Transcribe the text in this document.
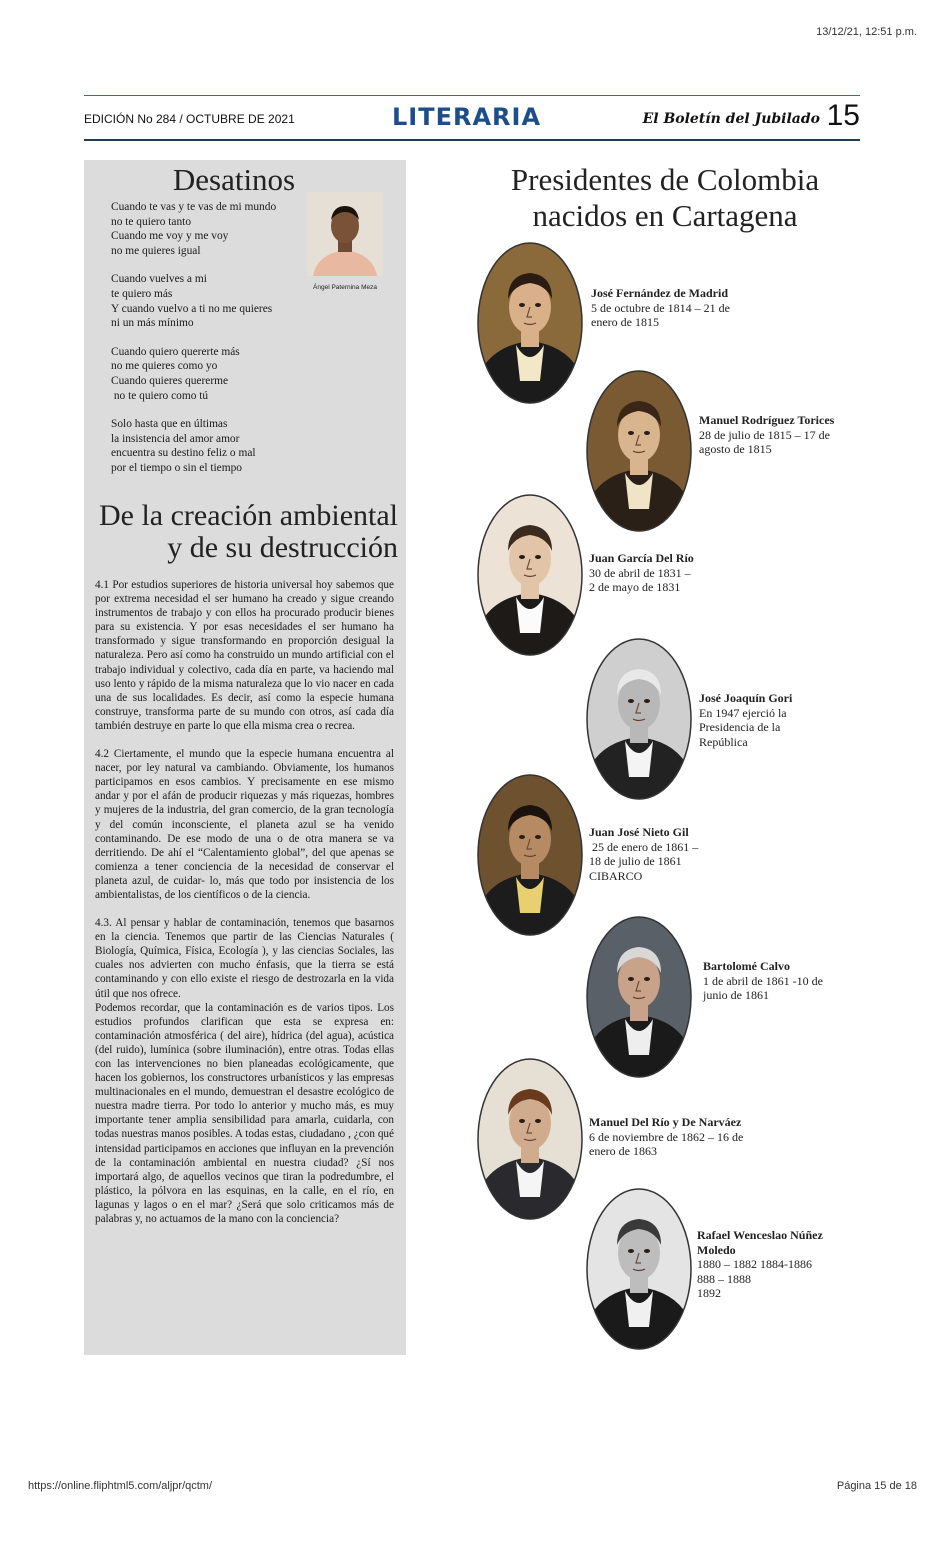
13/12/21, 12:51 p.m.
EDICIÓN No 284 / OCTUBRE DE 2021	LITERARIA	El Boletín del Jubilado 15
Desatinos
Cuando te vas y te vas de mi mundo
no te quiero tanto
Cuando me voy y me voy
no me quieres igual
Cuando vuelves a mi
te quiero más
Y cuando vuelvo a ti no me quieres
ni un más mínimo
Cuando quiero quererte más
no me quieres como yo
Cuando quieres quererme
no te quiero como tú
Solo hasta que en últimas
la insistencia del amor amor
encuentra su destino feliz o mal
por el tiempo o sin el tiempo
Ángel Paternina Meza
De la creación ambiental
y de su destrucción

4.1 Por estudios superiores de historia universal hoy sabemos que por extrema necesidad el ser humano ha creado y sigue creando instrumentos de trabajo y con ellos ha procurado producir bienes para su existencia. Y por esas necesidades el ser humano ha transformado y sigue transformando en proporción desigual la naturaleza. Pero así como ha construido un mundo artificial con el trabajo individual y colectivo, cada día en parte, va haciendo mal uso lento y rápido de la misma naturaleza que lo vio nacer en cada una de sus localidades. Es decir, así como la especie humana construye, transforma parte de su mundo con otros, así cada día también destruye en parte lo que ella misma crea o recrea.

4.2 Ciertamente, el mundo que la especie humana encuentra al nacer, por ley natural va cambiando. Obviamente, los humanos participamos en esos cambios. Y precisamente en ese mismo andar y por el afán de producir riquezas y más riquezas, hombres y mujeres de la industria, del gran comercio, de la gran tecnología y del común inconsciente, el planeta azul se ha venido contaminando. De ese modo de una o de otra manera se va derritiendo. De ahí el “Calentamiento global”, del que apenas se comienza a tener conciencia de la necesidad de conservar el planeta azul, de cuidar- lo, más que todo por insistencia de los ambientalistas, de los científicos o de la ciencia.

4.3. Al pensar y hablar de contaminación, tenemos que basarnos en la ciencia. Tenemos que partir de las Ciencias Naturales ( Biología, Química, Física, Ecología ), y las ciencias Sociales, las cuales nos advierten con mucho énfasis, que la tierra se está contaminando y con ello existe el riesgo de destrozarla en la vida útil que nos ofrece.

Podemos recordar, que la contaminación es de varios tipos. Los estudios profundos clarifican que esta se expresa en: contaminación atmosférica ( del aire), hídrica (del agua), acústica (del ruido), lumínica (sobre iluminación), entre otras. Todas ellas con las intervenciones no bien planeadas ecológicamente, que hacen los gobiernos, los constructores urbanísticos y las empresas multinacionales en el mundo, demuestran el desastre ecológico de nuestra madre tierra. Por todo lo anterior y mucho más, es muy importante tener amplia sensibilidad para amarla, cuidarla, con todas nuestras manos posibles. A todas estas, ciudadano , ¿con qué intensidad participamos en acciones que influyan en la prevención de la contaminación ambiental en nuestra ciudad? ¿Sí nos importará algo, de aquellos vecinos que tiran la podredumbre, el plástico, la pólvora en las esquinas, en la calle, en el río, en lagunas y lagos o en el mar? ¿Será que solo criticamos más de palabras y, no actuamos de la mano con la conciencia?

Presidentes de Colombia
nacidos en Cartagena
José Fernández de Madrid
5 de octubre de 1814 – 21 de
enero de 1815
Manuel Rodríguez Torices
28 de julio de 1815 – 17 de
agosto de 1815
Juan García Del Río
30 de abril de 1831 –
2 de mayo de 1831
José Joaquín Gori
En 1947 ejerció la
Presidencia de la
República
Juan José Nieto Gil
25 de enero de 1861 –
18 de julio de 1861
CIBARCO
Bartolomé Calvo
1 de abril de 1861 -10 de
junio de 1861
Manuel Del Río y De Narváez
6 de noviembre de 1862 – 16 de
enero de 1863
Rafael Wenceslao Núñez
Moledo
1880 – 1882 1884-1886
888 – 1888
1892
https://online.fliphtml5.com/aljpr/qctm/	Página 15 de 18
